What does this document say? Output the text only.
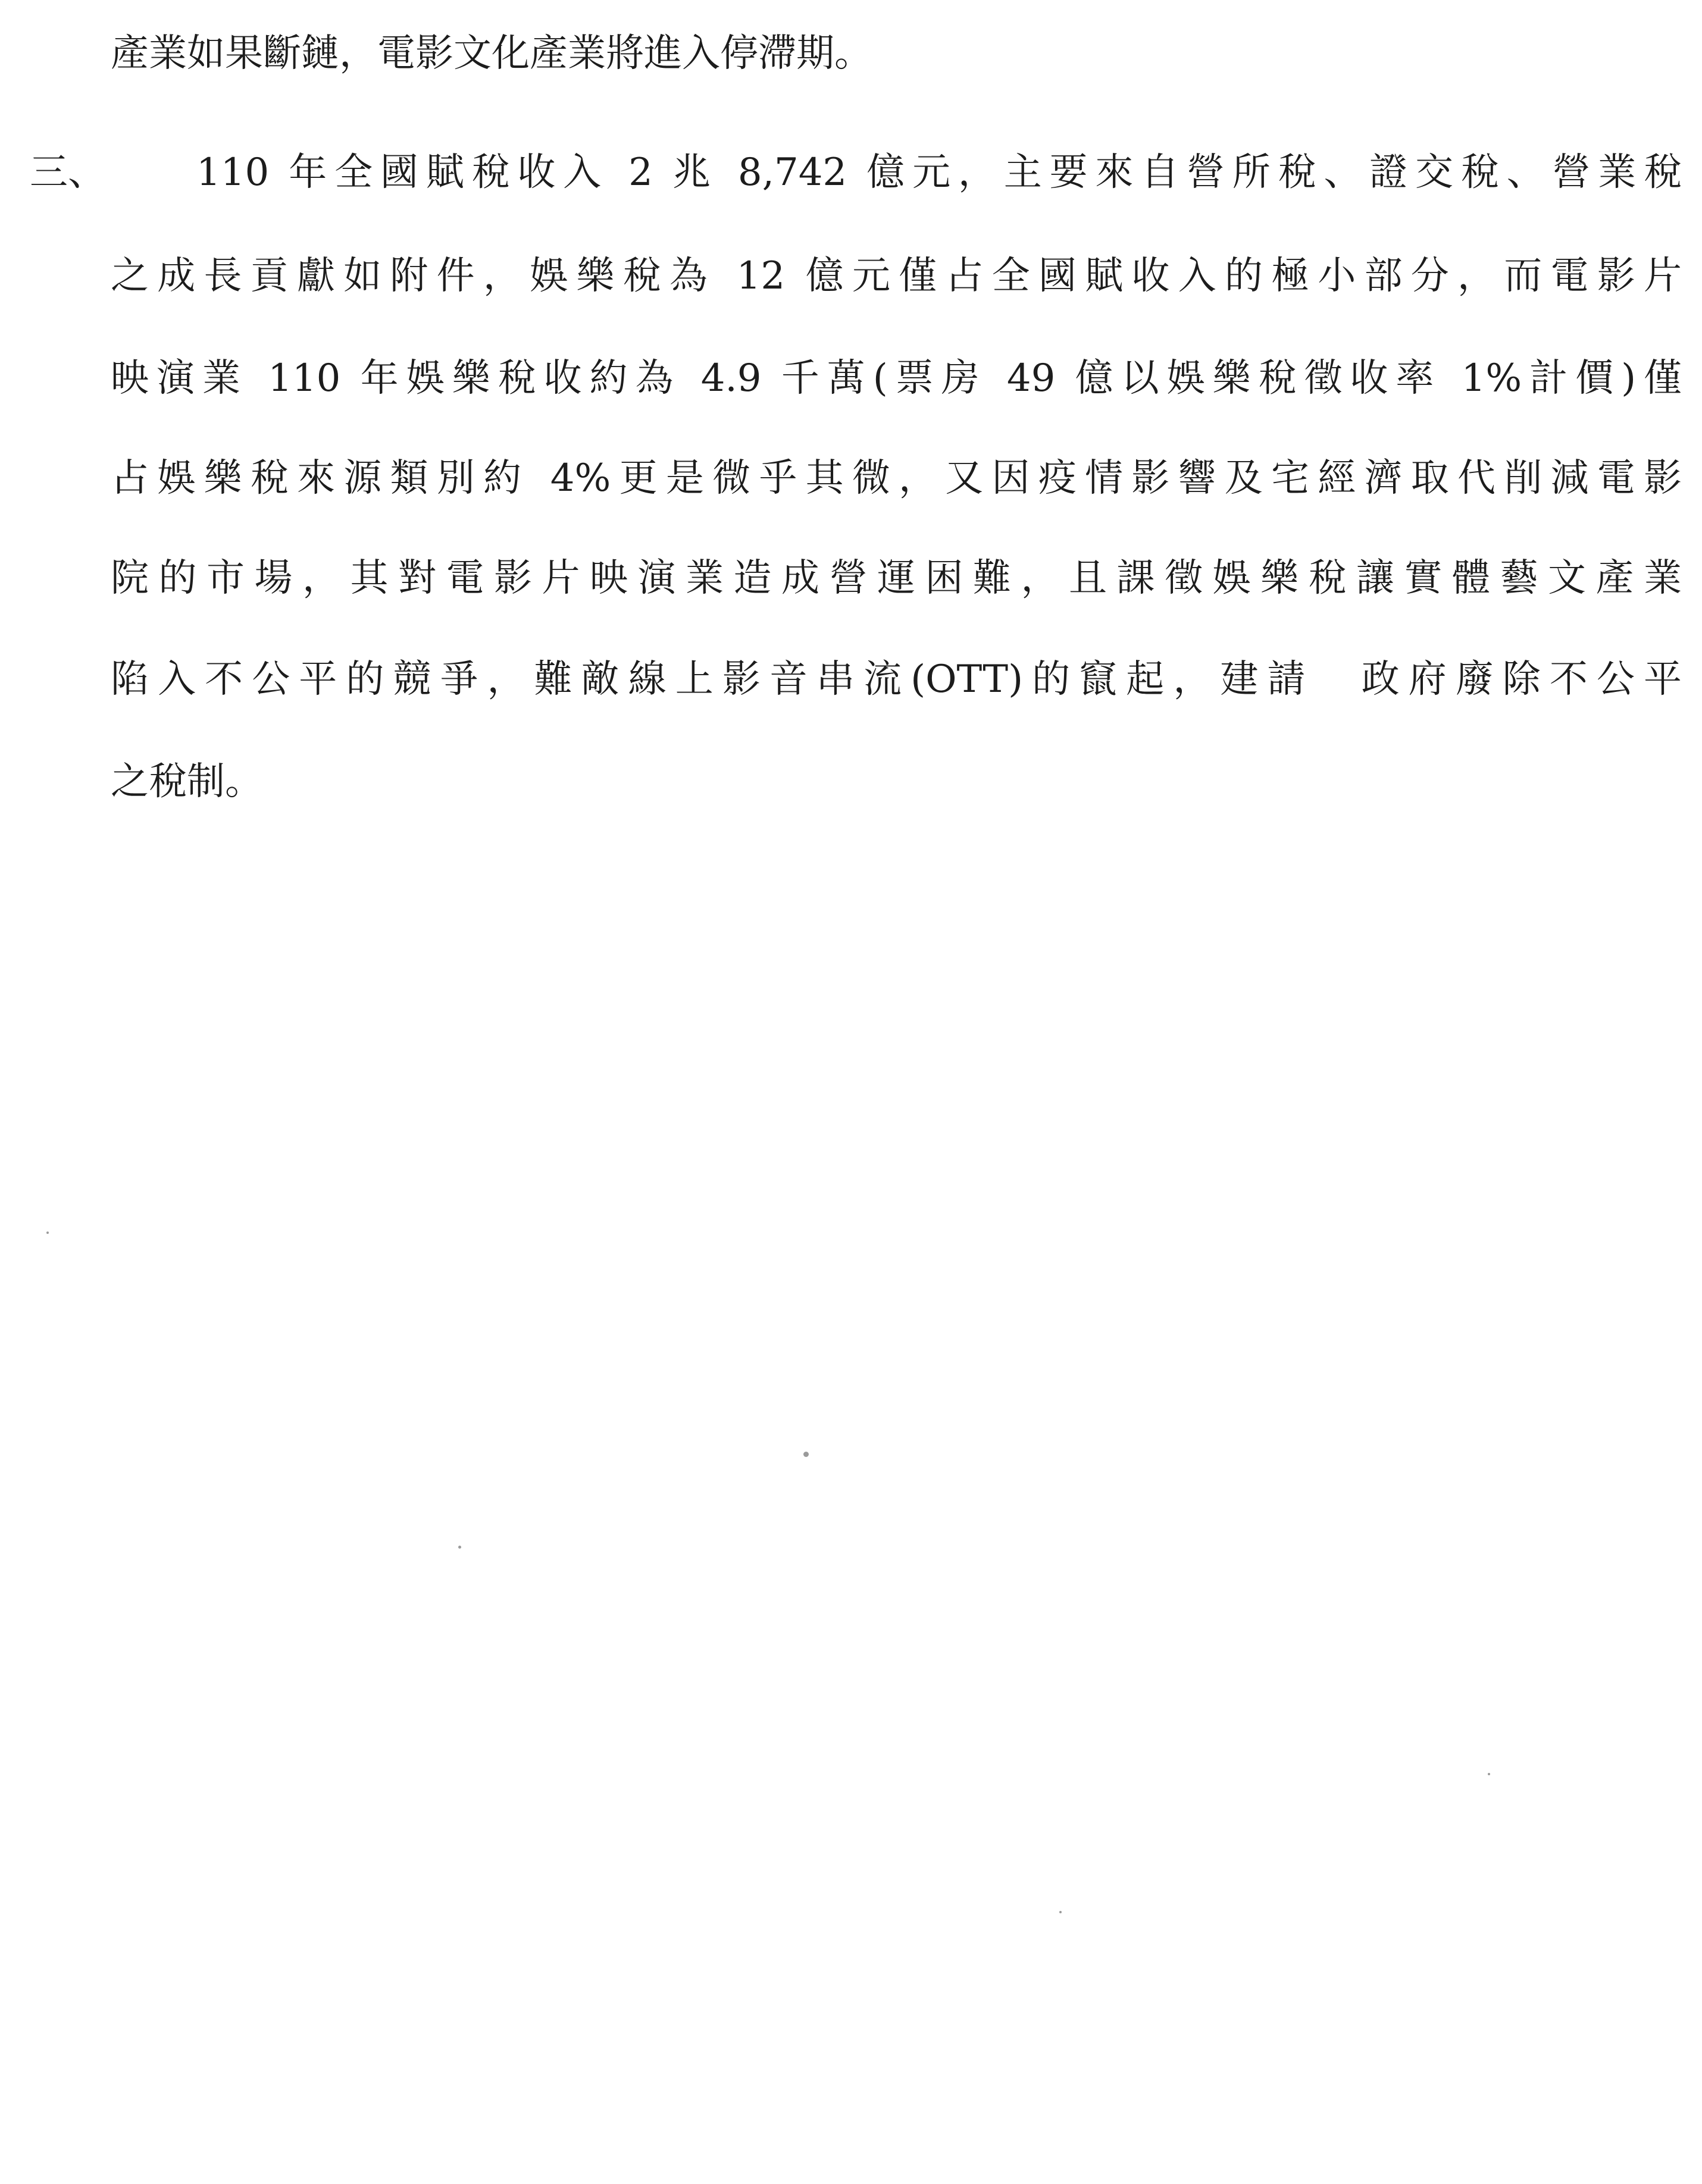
產業如果斷鏈，電影文化產業將進入停滯期。
三、 110 年全國賦稅收入 2 兆 8,742 億元，主要來自營所稅、證交稅、營業稅
之成長貢獻如附件，娛樂稅為 12 億元僅占全國賦收入的極小部分，而電影片
映演業 110 年娛樂稅收約為 4.9 千萬(票房 49 億以娛樂稅徵收率 1%計價)僅
占娛樂稅來源類別約 4%更是微乎其微，又因疫情影響及宅經濟取代削減電影
院的市場，其對電影片映演業造成營運困難，且課徵娛樂稅讓實體藝文產業
陷入不公平的競爭，難敵線上影音串流(OTT)的竄起，建請　政府廢除不公平
之稅制。
